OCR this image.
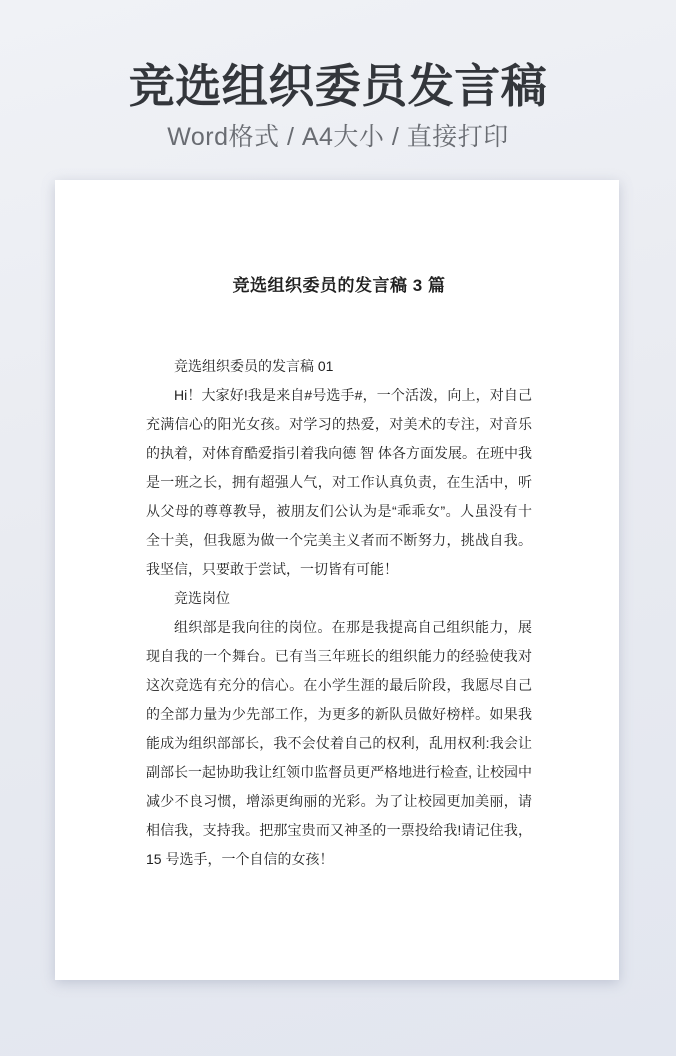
竞选组织委员发言稿
Word格式 / A4大小 / 直接打印
竞选组织委员的发言稿 3 篇

竞选组织委员的发言稿 01

Hi！大家好!我是来自#号选手#，一个活泼，向上，对自己充满信心的阳光女孩。对学习的热爱，对美术的专注，对音乐的执着，对体育酷爱指引着我向德 智 体各方面发展。在班中我是一班之长，拥有超强人气，对工作认真负责，在生活中，听从父母的尊尊教导，被朋友们公认为是“乖乖女”。人虽没有十全十美，但我愿为做一个完美主义者而不断努力，挑战自我。我坚信，只要敢于尝试，一切皆有可能！

竞选岗位

组织部是我向往的岗位。在那是我提高自己组织能力，展现自我的一个舞台。已有当三年班长的组织能力的经验使我对这次竞选有充分的信心。在小学生涯的最后阶段，我愿尽自己的全部力量为少先部工作，为更多的新队员做好榜样。如果我能成为组织部部长，我不会仗着自己的权利，乱用权利:我会让副部长一起协助我让红领巾监督员更严格地进行检查, 让校园中减少不良习惯，增添更绚丽的光彩。为了让校园更加美丽，请相信我，支持我。把那宝贵而又神圣的一票投给我!请记住我，15 号选手，一个自信的女孩！
